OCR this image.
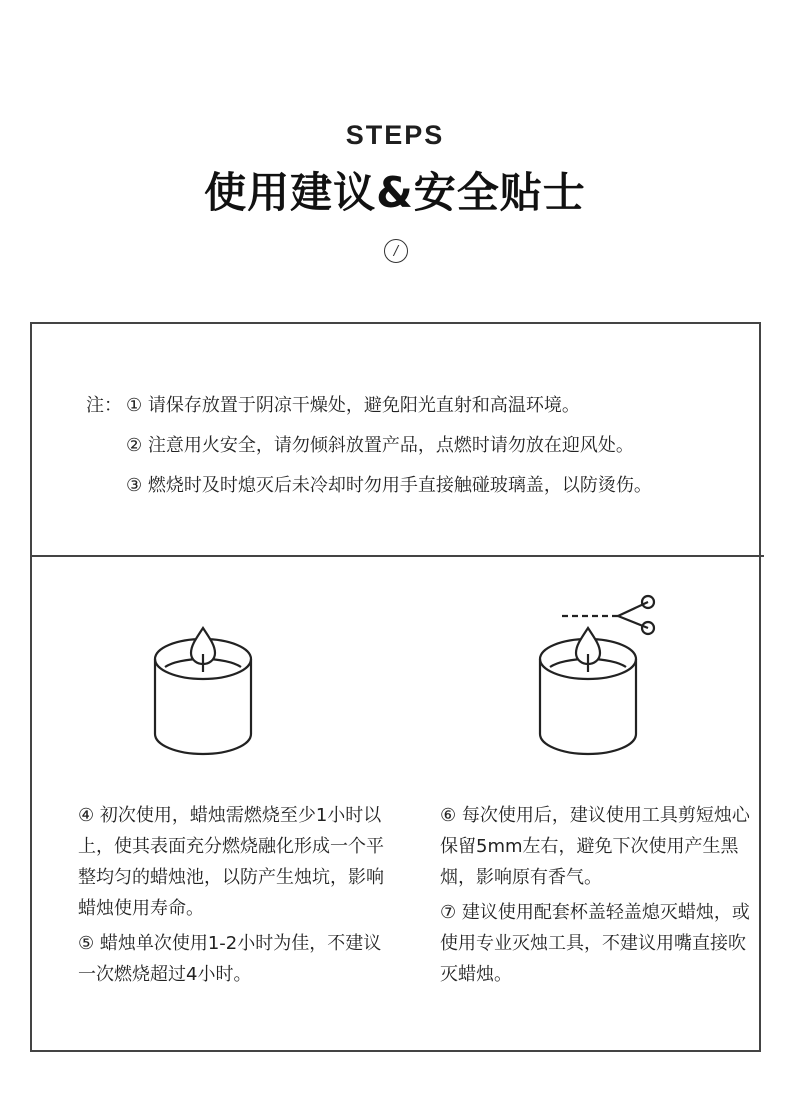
STEPS
使用建议&安全贴士
/
注： ① 请保存放置于阴凉干燥处，避免阳光直射和高温环境。
② 注意用火安全，请勿倾斜放置产品，点燃时请勿放在迎风处。
③ 燃烧时及时熄灭后未冷却时勿用手直接触碰玻璃盖，以防烫伤。

④ 初次使用，蜡烛需燃烧至少1小时以上，使其表面充分燃烧融化形成一个平整均匀的蜡烛池，以防产生烛坑，影响蜡烛使用寿命。

⑤ 蜡烛单次使用1-2小时为佳，不建议一次燃烧超过4小时。

⑥ 每次使用后，建议使用工具剪短烛心保留5mm左右，避免下次使用产生黑烟，影响原有香气。

⑦ 建议使用配套杯盖轻盖熄灭蜡烛，或使用专业灭烛工具，不建议用嘴直接吹灭蜡烛。
